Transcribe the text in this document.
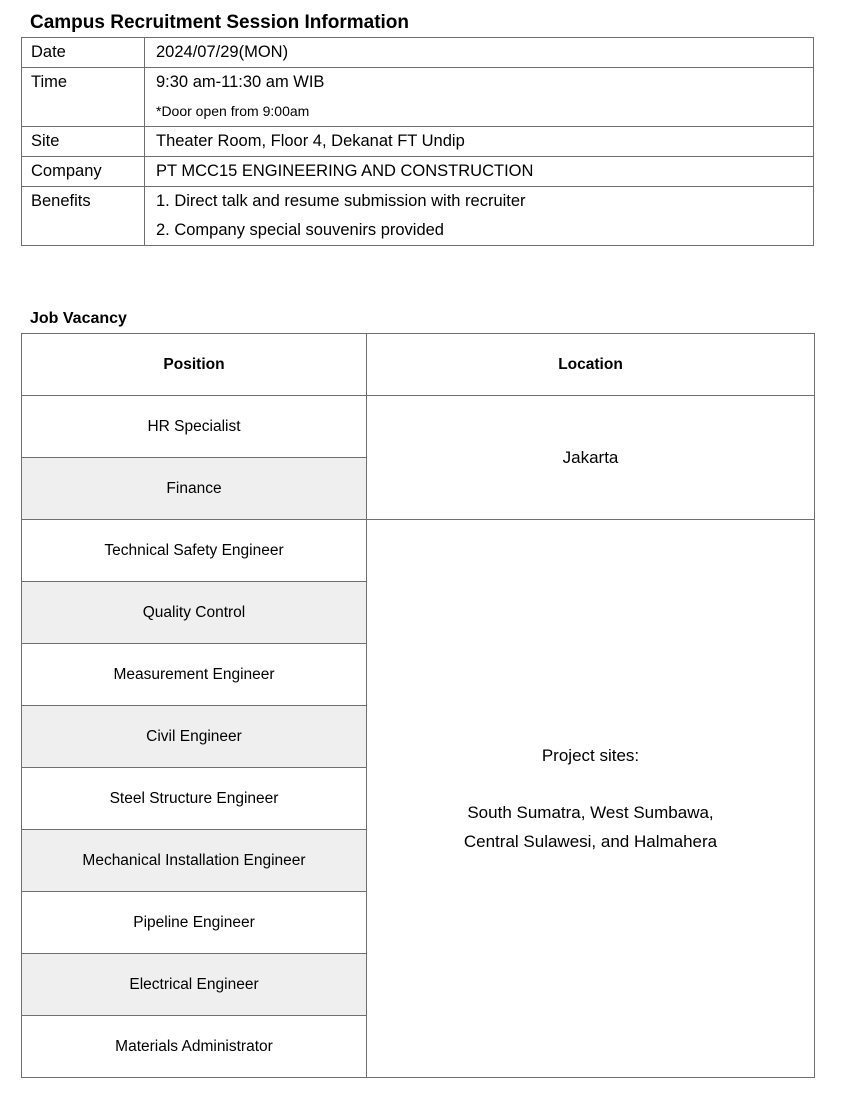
Campus Recruitment Session Information
Date	2024/07/29(MON)
Time	9:30 am-11:30 am WIB
*Door open from 9:00am

Site	Theater Room, Floor 4, Dekanat FT Undip
Company	PT MCC15 ENGINEERING AND CONSTRUCTION
Benefits	1. Direct talk and resume submission with recruiter
2. Company special souvenirs provided
Job Vacancy
Position	Location
HR Specialist	Jakarta
Finance	
Technical Safety Engineer	Project sites:
South Sumatra, West Sumbawa,
Central Sulawesi, and Halmahera

Quality Control	
Measurement Engineer	
Civil Engineer	
Steel Structure Engineer	
Mechanical Installation Engineer	
Pipeline Engineer	
Electrical Engineer	
Materials Administrator	
